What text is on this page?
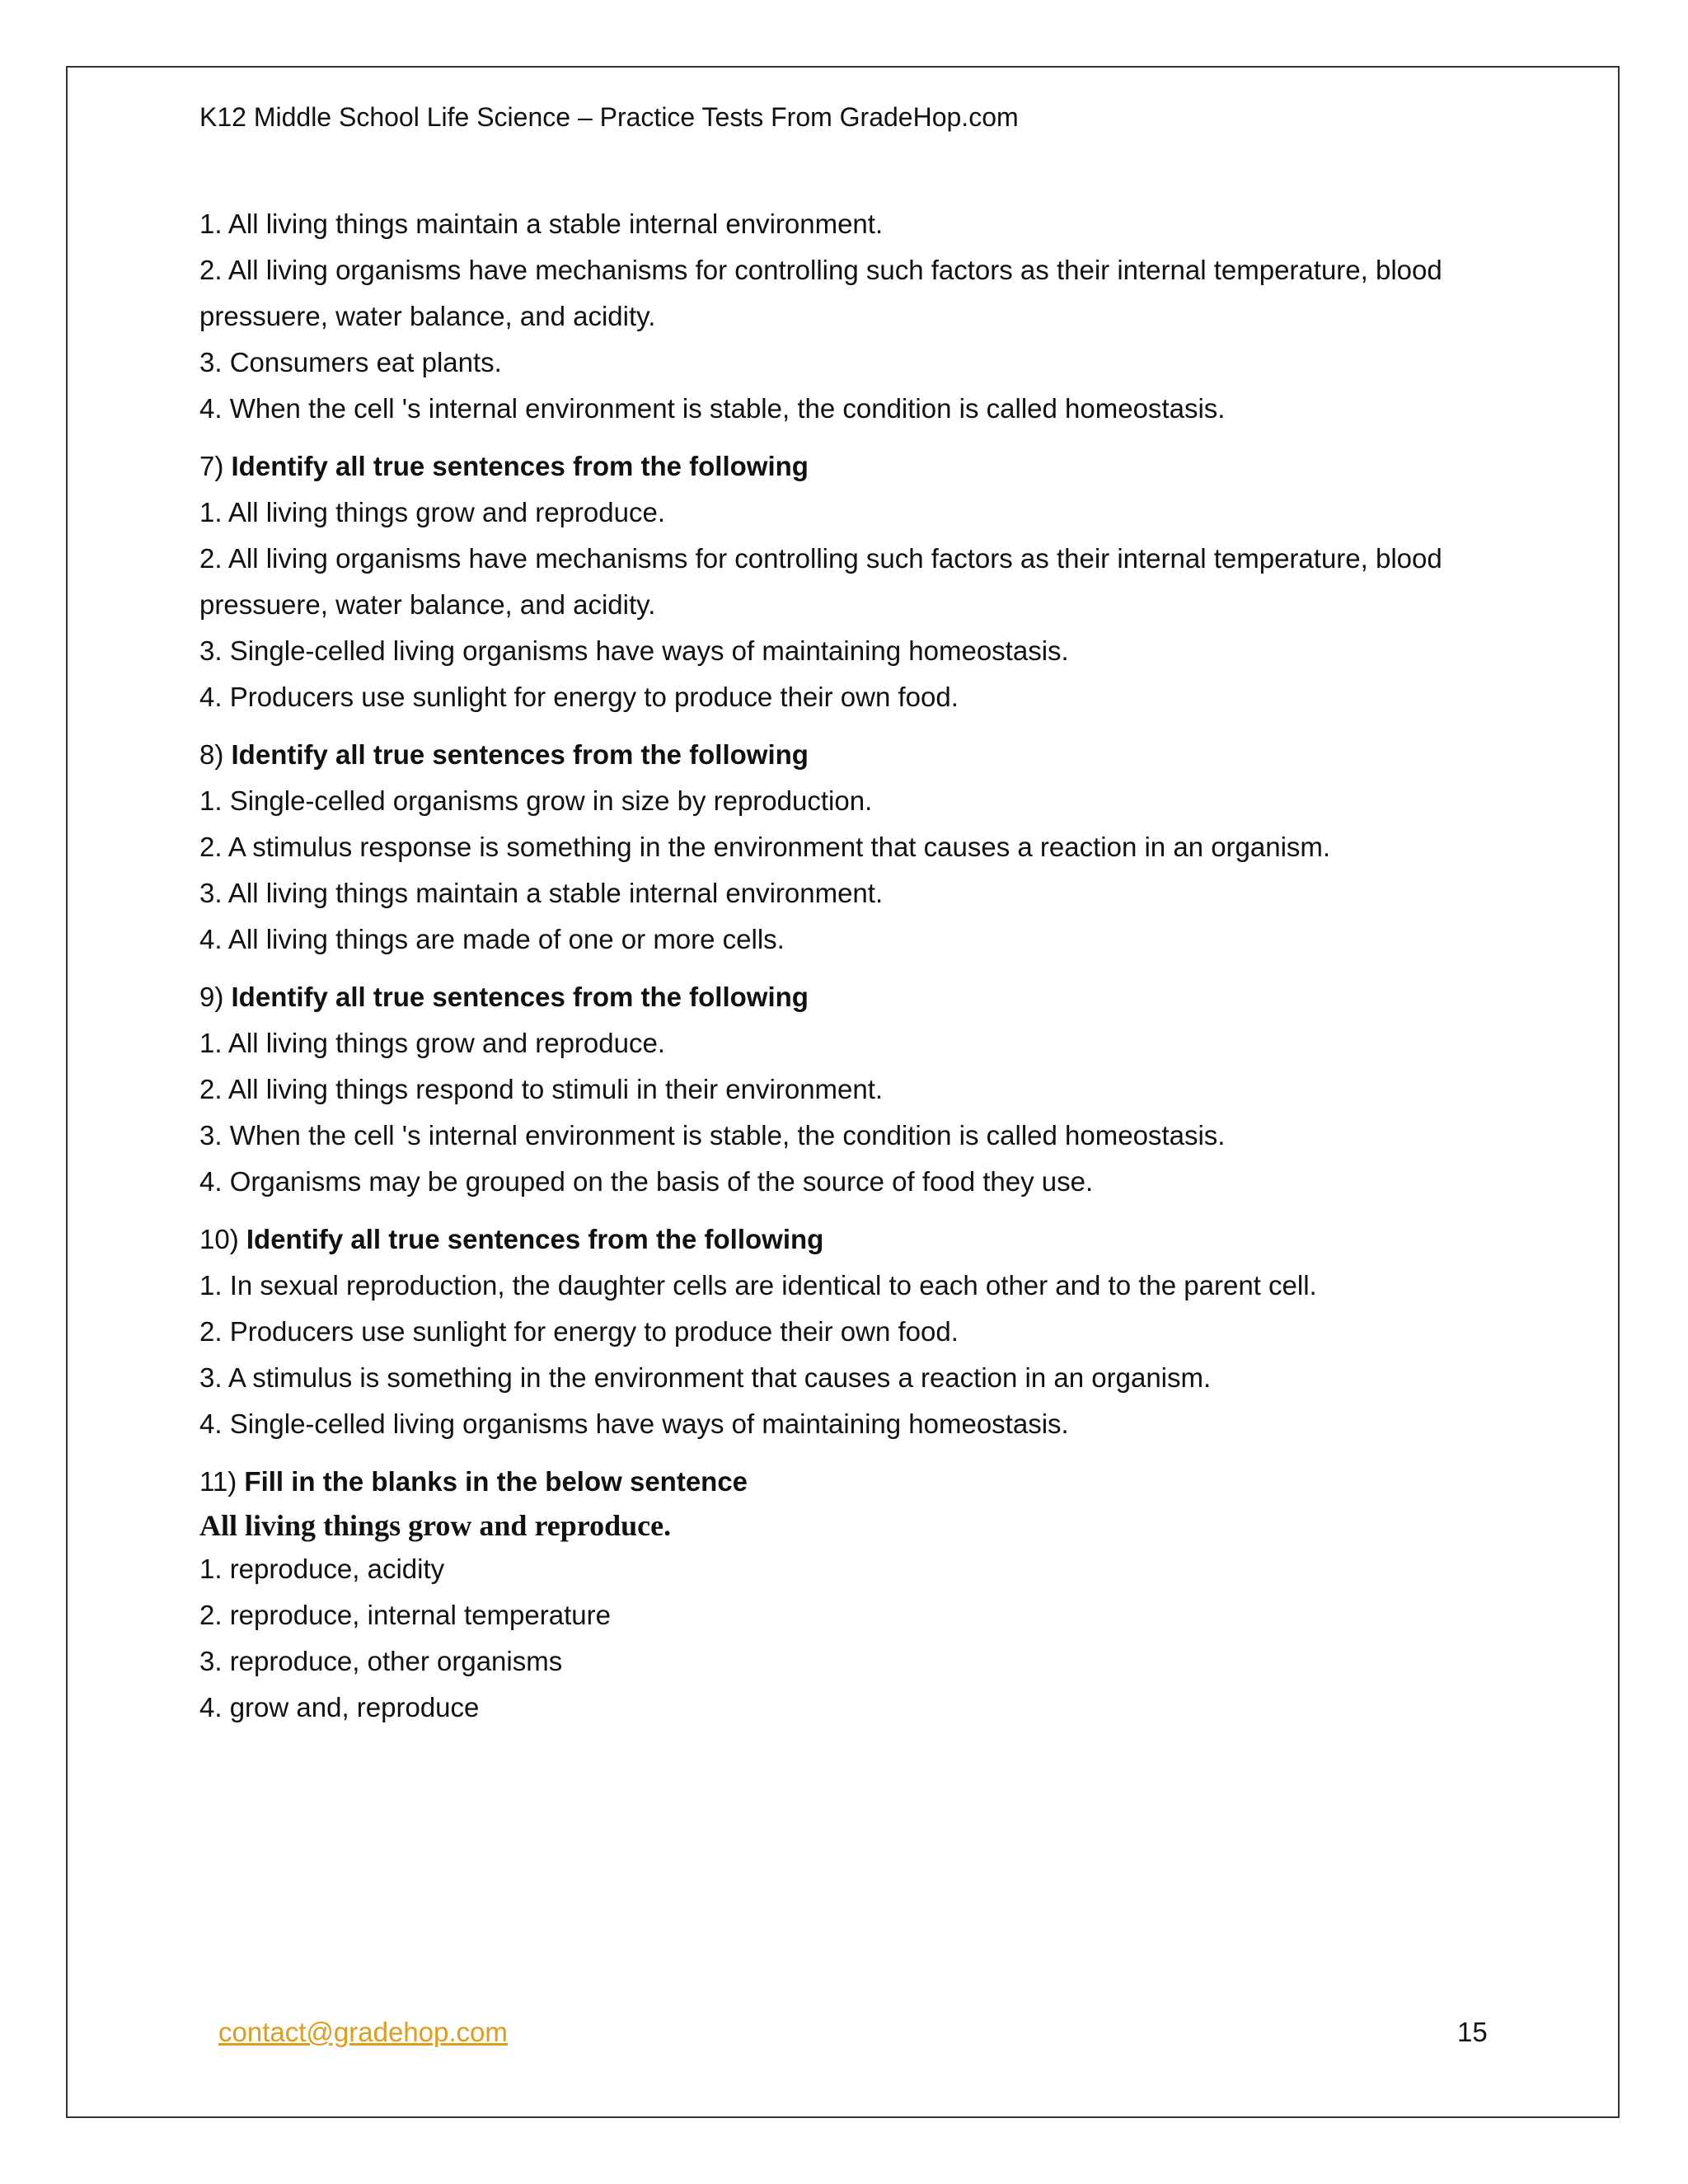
K12 Middle School Life Science – Practice Tests From GradeHop.com

1. All living things maintain a stable internal environment.

2. All living organisms have mechanisms for controlling such factors as their internal temperature, blood pressuere, water balance, and acidity.

3. Consumers eat plants.

4. When the cell 's internal environment is stable, the condition is called homeostasis.

7) Identify all true sentences from the following

1. All living things grow and reproduce.

2. All living organisms have mechanisms for controlling such factors as their internal temperature, blood pressuere, water balance, and acidity.

3. Single-celled living organisms have ways of maintaining homeostasis.

4. Producers use sunlight for energy to produce their own food.

8) Identify all true sentences from the following

1. Single-celled organisms grow in size by reproduction.

2. A stimulus response is something in the environment that causes a reaction in an organism.

3. All living things maintain a stable internal environment.

4. All living things are made of one or more cells.

9) Identify all true sentences from the following

1. All living things grow and reproduce.

2. All living things respond to stimuli in their environment.

3. When the cell 's internal environment is stable, the condition is called homeostasis.

4. Organisms may be grouped on the basis of the source of food they use.

10) Identify all true sentences from the following

1. In sexual reproduction, the daughter cells are identical to each other and to the parent cell.

2. Producers use sunlight for energy to produce their own food.

3. A stimulus is something in the environment that causes a reaction in an organism.

4. Single-celled living organisms have ways of maintaining homeostasis.

11) Fill in the blanks in the below sentence

All living things grow and reproduce.

1. reproduce, acidity

2. reproduce, internal temperature

3. reproduce, other organisms

4. grow and, reproduce

contact@gradehop.com	15
